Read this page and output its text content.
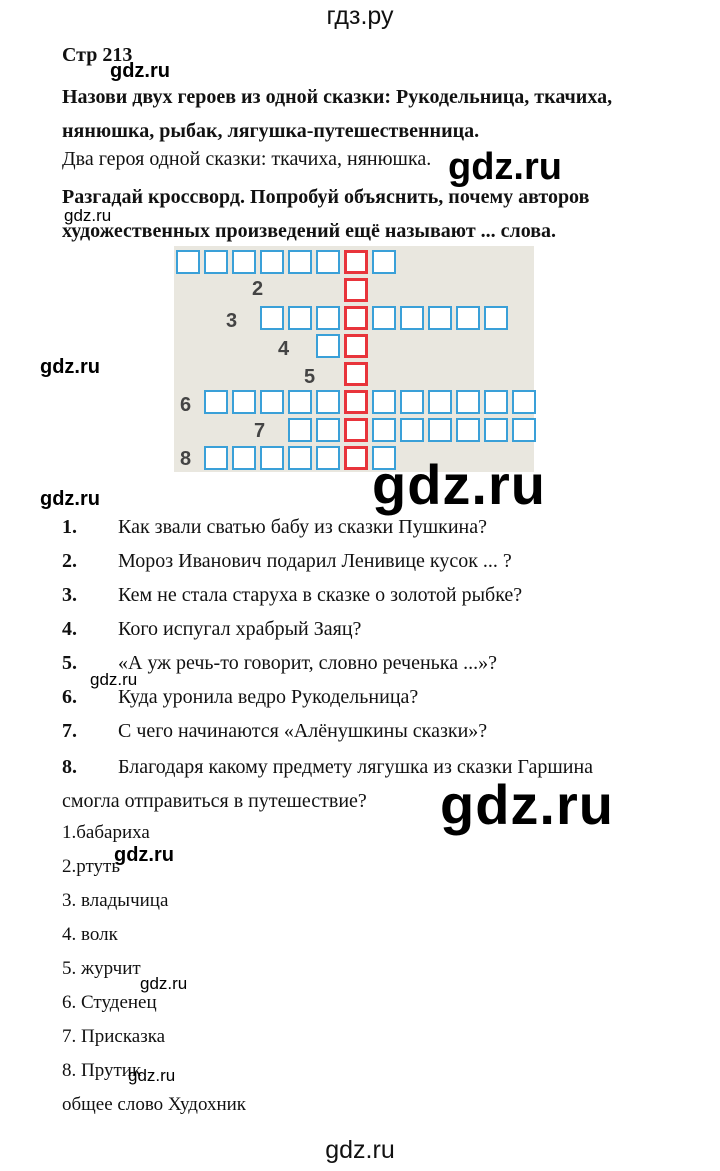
гдз.ру
Стр 213
gdz.ru
Назови двух героев из одной сказки: Рукодельница, ткачиха,
нянюшка, рыбак, лягушка-путешественница.
Два героя одной сказки: ткачиха, нянюшка. gdz.ru
Разгадай кроссворд. Попробуй объяснить, почему авторов
художественных произведений ещё называют ... слова.
gdz.ru
2
3
4
5
6
7
8
gdz.ru
gdz.ru
gdz.ru
1. Как звали сватью бабу из сказки Пушкина?
2. Мороз Иванович подарил Ленивице кусок ... ?
3. Кем не стала старуха в сказке о золотой рыбке?
4. Кого испугал храбрый Заяц?
5. «А уж речь-то говорит, словно реченька ...»?
gdz.ru
6. Куда уронила ведро Рукодельница?
7. С чего начинаются «Алёнушкины сказки»?
8. Благодаря какому предмету лягушка из сказки Гаршина
смогла отправиться в путешествие? gdz.ru
1.бабариха
2.ртуть
gdz.ru
3. владычица
4. волк
5. журчит
gdz.ru
6. Студенец
7. Присказка
8. Прутик
gdz.ru
общее слово Худохник
gdz.ru
